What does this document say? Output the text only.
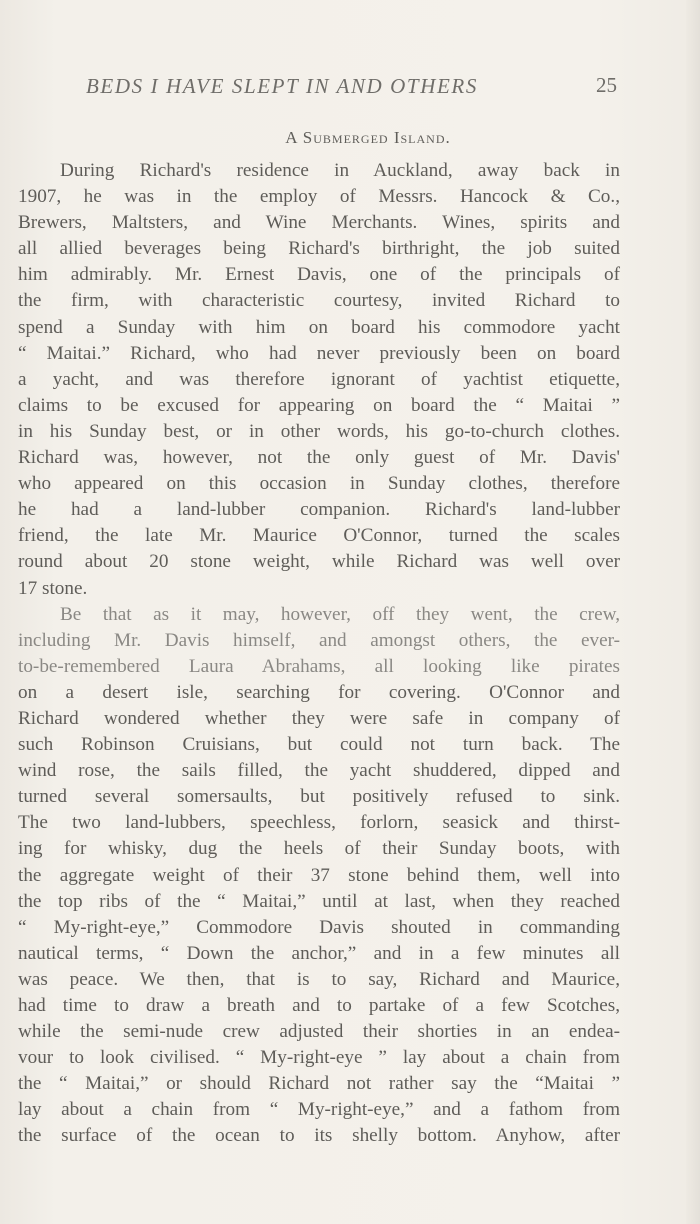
BEDS I HAVE SLEPT IN AND OTHERS	25
A Submerged Island.
During Richard's residence in Auckland, away back in
1907, he was in the employ of Messrs. Hancock & Co.,
Brewers, Maltsters, and Wine Merchants. Wines, spirits and
all allied beverages being Richard's birthright, the job suited
him admirably. Mr. Ernest Davis, one of the principals of
the firm, with characteristic courtesy, invited Richard to
spend a Sunday with him on board his commodore yacht
“ Maitai.” Richard, who had never previously been on board
a yacht, and was therefore ignorant of yachtist etiquette,
claims to be excused for appearing on board the “ Maitai ”
in his Sunday best, or in other words, his go-to-church clothes.
Richard was, however, not the only guest of Mr. Davis'
who appeared on this occasion in Sunday clothes, therefore
he had a land-lubber companion. Richard's land-lubber
friend, the late Mr. Maurice O'Connor, turned the scales
round about 20 stone weight, while Richard was well over
17 stone.
Be that as it may, however, off they went, the crew,
including Mr. Davis himself, and amongst others, the ever-
to-be-remembered Laura Abrahams, all looking like pirates
on a desert isle, searching for covering. O'Connor and
Richard wondered whether they were safe in company of
such Robinson Cruisians, but could not turn back. The
wind rose, the sails filled, the yacht shuddered, dipped and
turned several somersaults, but positively refused to sink.
The two land-lubbers, speechless, forlorn, seasick and thirst-
ing for whisky, dug the heels of their Sunday boots, with
the aggregate weight of their 37 stone behind them, well into
the top ribs of the “ Maitai,” until at last, when they reached
“ My-right-eye,” Commodore Davis shouted in commanding
nautical terms, “ Down the anchor,” and in a few minutes all
was peace. We then, that is to say, Richard and Maurice,
had time to draw a breath and to partake of a few Scotches,
while the semi-nude crew adjusted their shorties in an endea-
vour to look civilised. “ My-right-eye ” lay about a chain from
the “ Maitai,” or should Richard not rather say the “Maitai ”
lay about a chain from “ My-right-eye,” and a fathom from
the surface of the ocean to its shelly bottom. Anyhow, after
